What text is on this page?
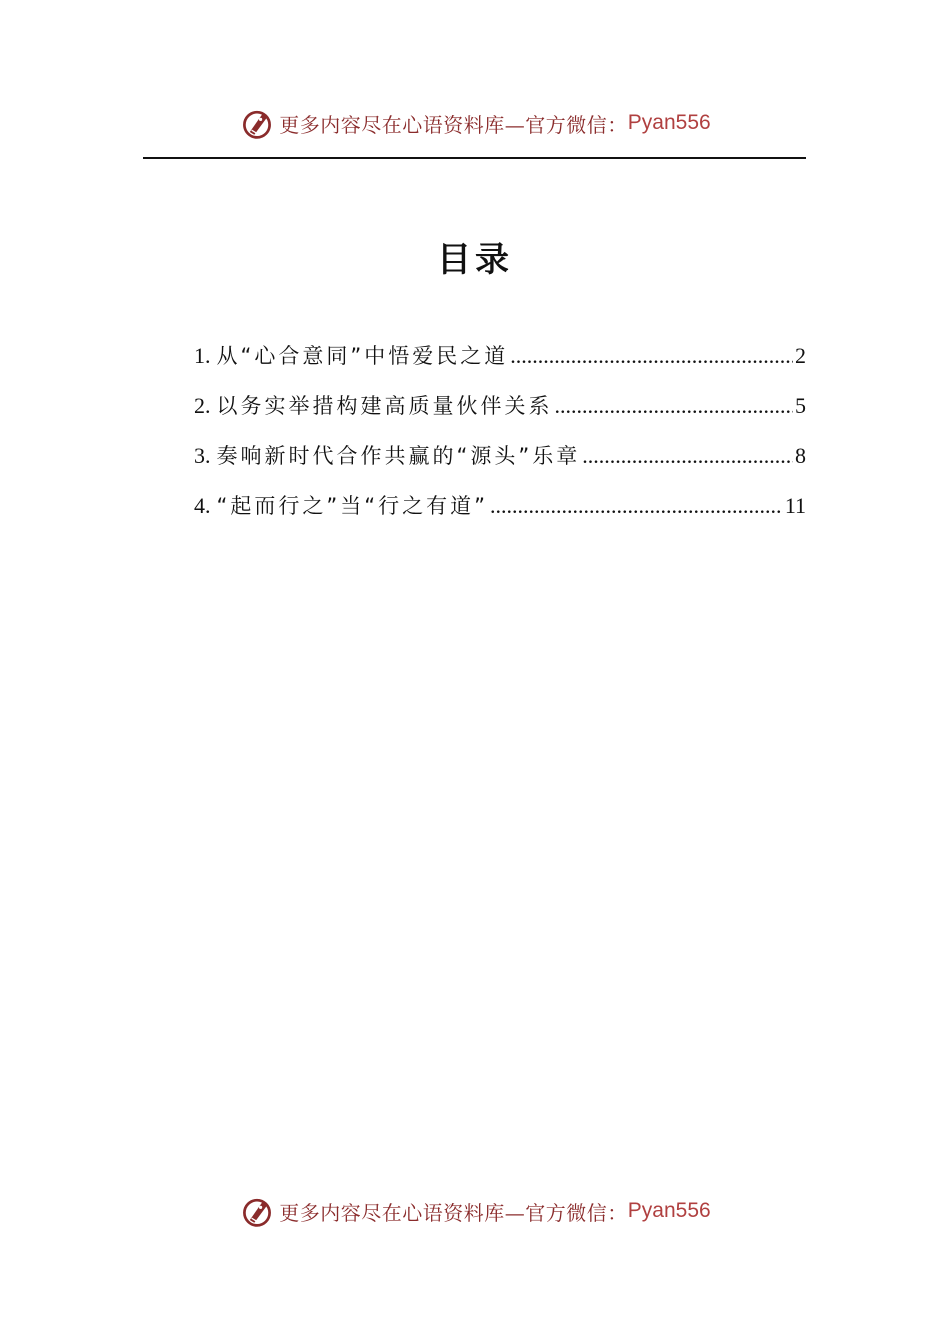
更多内容尽在心语资料库—官方微信： Pyan556
目录
1. 从“心合意同”中悟爱民之道 .....	2
2. 以务实举措构建高质量伙伴关系 .....	5
3. 奏响新时代合作共赢的“源头”乐章 .....	8
4. “起而行之”当“行之有道” .....	11
更多内容尽在心语资料库—官方微信： Pyan556
